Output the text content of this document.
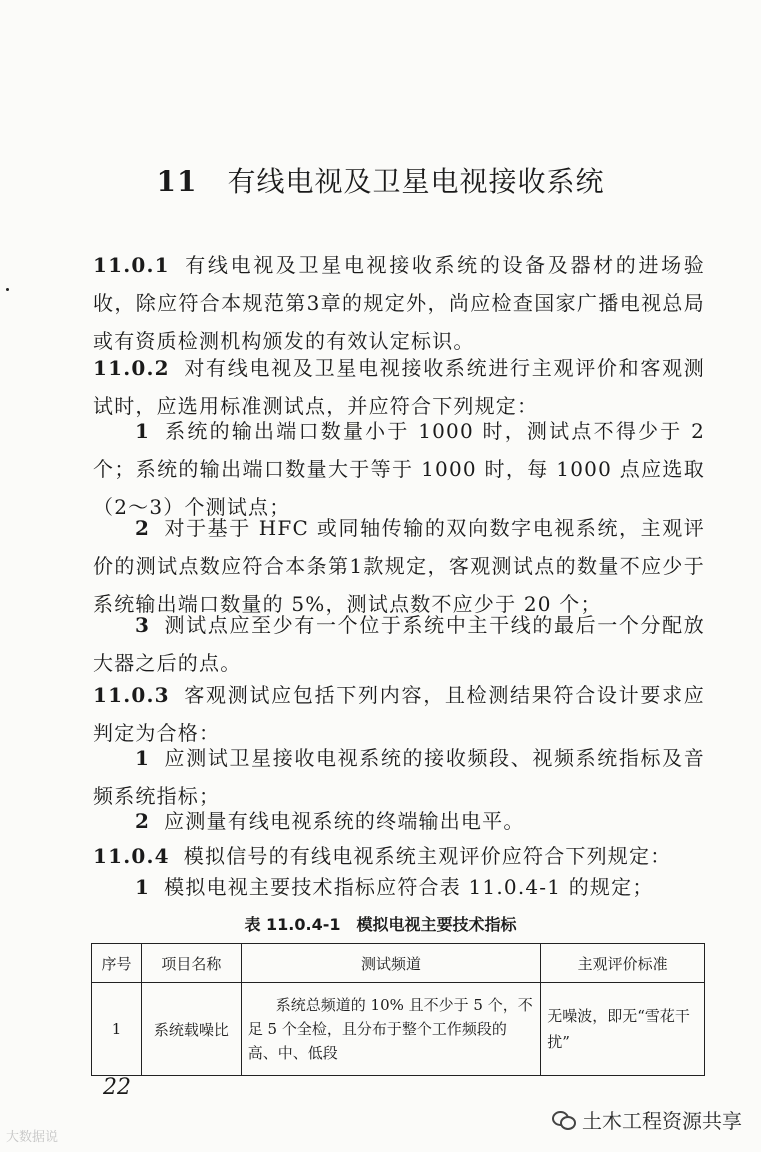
11 有线电视及卫星电视接收系统

11.0.1 有线电视及卫星电视接收系统的设备及器材的进场验收，除应符合本规范第3章的规定外，尚应检查国家广播电视总局或有资质检测机构颁发的有效认定标识。

11.0.2 对有线电视及卫星电视接收系统进行主观评价和客观测试时，应选用标准测试点，并应符合下列规定：

1 系统的输出端口数量小于 1000 时，测试点不得少于 2 个；系统的输出端口数量大于等于 1000 时，每 1000 点应选取（2～3）个测试点；

2 对于基于 HFC 或同轴传输的双向数字电视系统，主观评价的测试点数应符合本条第1款规定，客观测试点的数量不应少于系统输出端口数量的 5%，测试点数不应少于 20 个；

3 测试点应至少有一个位于系统中主干线的最后一个分配放大器之后的点。

11.0.3 客观测试应包括下列内容，且检测结果符合设计要求应判定为合格：

1 应测试卫星接收电视系统的接收频段、视频系统指标及音频系统指标；

2 应测量有线电视系统的终端输出电平。

11.0.4 模拟信号的有线电视系统主观评价应符合下列规定：

1 模拟电视主要技术指标应符合表 11.0.4-1 的规定；

表 11.0.4-1　模拟电视主要技术指标
序号	项目名称	测试频道	主观评价标准
1	系统载噪比	系统总频道的 10% 且不少于 5 个，不足 5 个全检，且分布于整个工作频段的高、中、低段	无噪波，即无“雪花干扰”
22
大数据说
土木工程资源共享
